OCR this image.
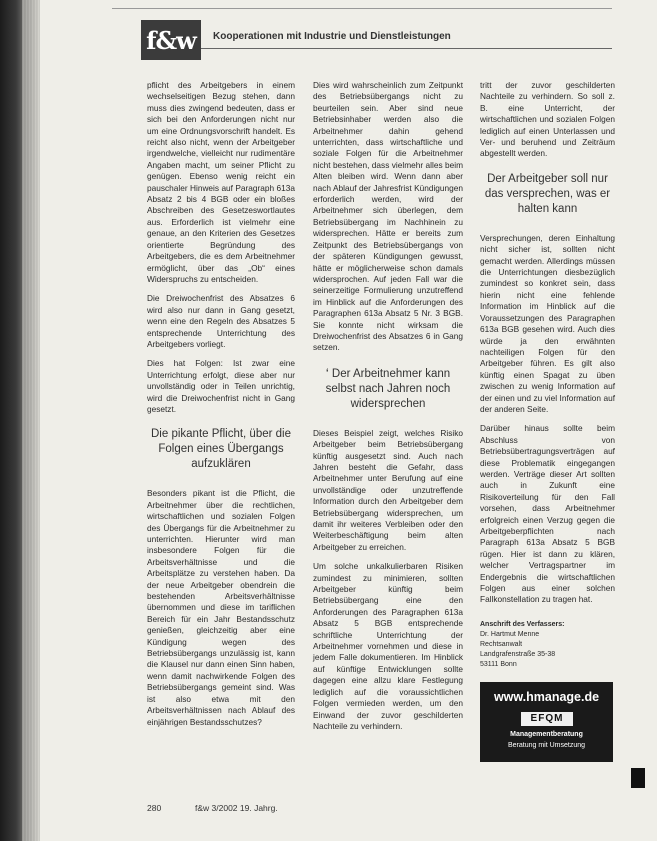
f&w	Kooperationen mit Industrie und Dienstleistungen

pflicht des Arbeitgebers in einem wechselseitigen Bezug stehen, dann muss dies zwingend bedeuten, dass er sich bei den Anforderungen nicht nur um eine Ordnungsvorschrift handelt. Es reicht also nicht, wenn der Arbeitgeber irgendwelche, vielleicht nur rudimentäre Angaben macht, um seiner Pflicht zu genügen. Ebenso wenig reicht ein pauschaler Hinweis auf Paragraph 613a Absatz 2 bis 4 BGB oder ein bloßes Abschreiben des Gesetzeswortlautes aus. Erforderlich ist vielmehr eine genaue, an den Kriterien des Gesetzes orientierte Begründung des Arbeitgebers, die es dem Arbeitnehmer ermöglicht, über das „Ob“ eines Widerspruchs zu entscheiden.

Die Dreiwochenfrist des Absatzes 6 wird also nur dann in Gang gesetzt, wenn eine den Regeln des Absatzes 5 entsprechende Unterrichtung des Arbeitgebers vorliegt.

Dies hat Folgen: Ist zwar eine Unterrichtung erfolgt, diese aber nur unvollständig oder in Teilen unrichtig, wird die Dreiwochenfrist nicht in Gang gesetzt.

Die pikante Pflicht, über die Folgen eines Übergangs aufzuklären

Besonders pikant ist die Pflicht, die Arbeitnehmer über die rechtlichen, wirtschaftlichen und sozialen Folgen des Übergangs für die Arbeitnehmer zu unterrichten. Hierunter wird man insbesondere Folgen für die Arbeitsverhältnisse und die Arbeitsplätze zu verstehen haben. Da der neue Arbeitgeber obendrein die bestehenden Arbeitsverhältnisse übernommen und diese im tariflichen Bereich für ein Jahr Bestandsschutz genießen, gleichzeitig aber eine Kündigung wegen des Betriebsübergangs unzulässig ist, kann die Klausel nur dann einen Sinn haben, wenn damit nachwirkende Folgen des Betriebsübergangs gemeint sind. Was ist also etwa mit den Arbeitsverhältnissen nach Ablauf des einjährigen Bestandsschutzes?

Dies wird wahrscheinlich zum Zeitpunkt des Betriebsübergangs nicht zu beurteilen sein. Aber sind neue Betriebsinhaber werden also die Arbeitnehmer dahin gehend unterrichten, dass wirtschaftliche und soziale Folgen für die Arbeitnehmer nicht bestehen, dass vielmehr alles beim Alten bleiben wird. Wenn dann aber nach Ablauf der Jahresfrist Kündigungen erforderlich werden, wird der Arbeitnehmer sich überlegen, dem Betriebsübergang im Nachhinein zu widersprechen. Hätte er bereits zum Zeitpunkt des Betriebsübergangs von der späteren Kündigungen gewusst, hätte er möglicherweise schon damals widersprochen. Auf jeden Fall war die seinerzeitige Formulierung unzutreffend im Hinblick auf die Anforderungen des Paragraphen 613a Absatz 5 Nr. 3 BGB. Sie konnte nicht wirksam die Dreiwochenfrist des Absatzes 6 in Gang setzen.

‘ Der Arbeitnehmer kann selbst nach Jahren noch widersprechen

Dieses Beispiel zeigt, welches Risiko Arbeitgeber beim Betriebsübergang künftig ausgesetzt sind. Auch nach Jahren besteht die Gefahr, dass Arbeitnehmer unter Berufung auf eine unvollständige oder unzutreffende Information durch den Arbeitgeber dem Betriebsübergang widersprechen, um damit ihr weiteres Verbleiben oder den Weiterbeschäftigung beim alten Arbeitgeber zu erreichen.

Um solche unkalkulierbaren Risiken zumindest zu minimieren, sollten Arbeitgeber künftig beim Betriebsübergang eine den Anforderungen des Paragraphen 613a Absatz 5 BGB entsprechende schriftliche Unterrichtung der Arbeitnehmer vornehmen und diese in jedem Falle dokumentieren. Im Hinblick auf künftige Entwicklungen sollte dagegen eine allzu klare Festlegung lediglich auf die voraussichtlichen Folgen vermieden werden, um den Einwand der zuvor geschilderten Nachteile zu verhindern.

tritt der zuvor geschilderten Nachteile zu verhindern. So soll z. B. eine Unterricht, der wirtschaftlichen und sozialen Folgen lediglich auf einen Unterlassen und Ver- und beruhend und Zeiträum abgestellt werden.

Der Arbeitgeber soll nur das versprechen, was er halten kann

Versprechungen, deren Einhaltung nicht sicher ist, sollten nicht gemacht werden. Allerdings müssen die Unterrichtungen diesbezüglich zumindest so konkret sein, dass hierin nicht eine fehlende Information im Hinblick auf die Voraussetzungen des Paragraphen 613a BGB gesehen wird. Auch dies würde ja den erwähnten nachteiligen Folgen für den Arbeitgeber führen. Es gilt also künftig einen Spagat zu üben zwischen zu wenig Information auf der einen und zu viel Information auf der anderen Seite.

Darüber hinaus sollte beim Abschluss von Betriebsübertragungsverträgen auf diese Problematik eingegangen werden. Verträge dieser Art sollten auch in Zukunft eine Risikoverteilung für den Fall vorsehen, dass Arbeitnehmer erfolgreich einen Verzug gegen die Arbeitgeberpflichten nach Paragraph 613a Absatz 5 BGB rügen. Hier ist dann zu klären, welcher Vertragspartner im Endergebnis die wirtschaftlichen Folgen aus einer solchen Fallkonstellation zu tragen hat.

Anschrift des Verfassers:
Dr. Hartmut Menne
Rechtsanwalt
Landgrafenstraße 35-38
53111 Bonn
www.hmanage.de
EFQM
Managementberatung
Beratung mit Umsetzung
280	f&w 3/2002 19. Jahrg.
